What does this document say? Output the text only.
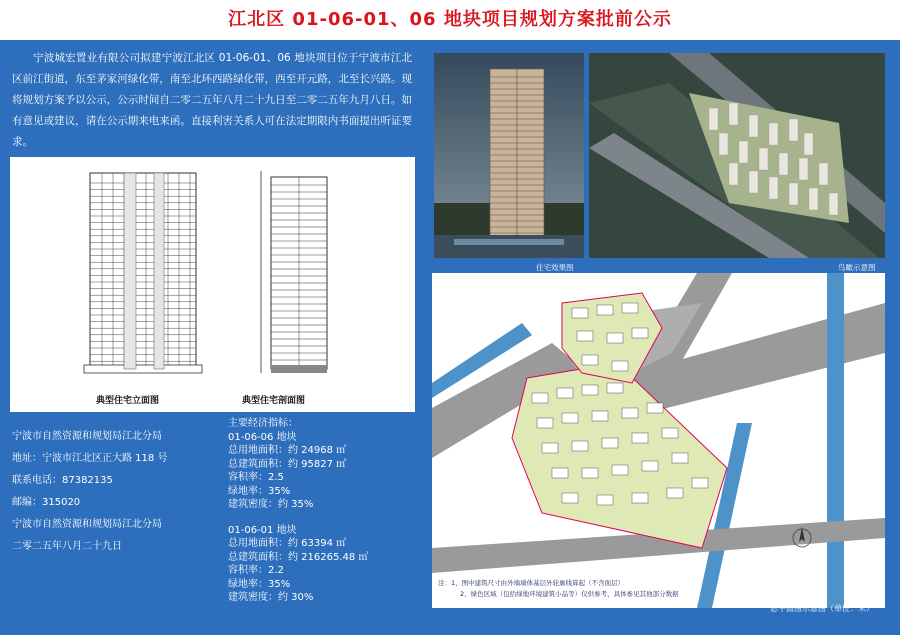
江北区 01-06-01、06 地块项目规划方案批前公示

宁波城宏置业有限公司拟建宁波江北区 01-06-01、06 地块项目位于宁波市江北区前江街道，东至茅家河绿化带，南至北环西路绿化带，西至开元路，北至长兴路。现将规划方案予以公示，公示时间自二零二五年八月二十九日至二零二五年九月八日。如有意见或建议，请在公示期来电来函。直接利害关系人可在法定期限内书面提出听证要求。

典型住宅立面图	典型住宅剖面图
宁波市自然资源和规划局江北分局
地址：宁波市江北区正大路 118 号
联系电话：87382135
邮编：315020
宁波市自然资源和规划局江北分局
二零二五年八月二十九日
主要经济指标：
01-06-06 地块
总用地面积：约 24968 ㎡
总建筑面积：约 95827 ㎡
容积率：2.5
绿地率：35%
建筑密度：约 35%
01-06-01 地块
总用地面积：约 63394 ㎡
总建筑面积：约 216265.48 ㎡
容积率：2.2
绿地率：35%
建筑密度：约 30%
住宅效果图	鸟瞰示意图
注：1、图中建筑尺寸由外墙墙体基层外轮廓线算起（不含面层）
2、绿色区域（包括绿地环境建筑小品等）仅供参考，具体参见其他部分数据
总平面图示意图（单位：米）
